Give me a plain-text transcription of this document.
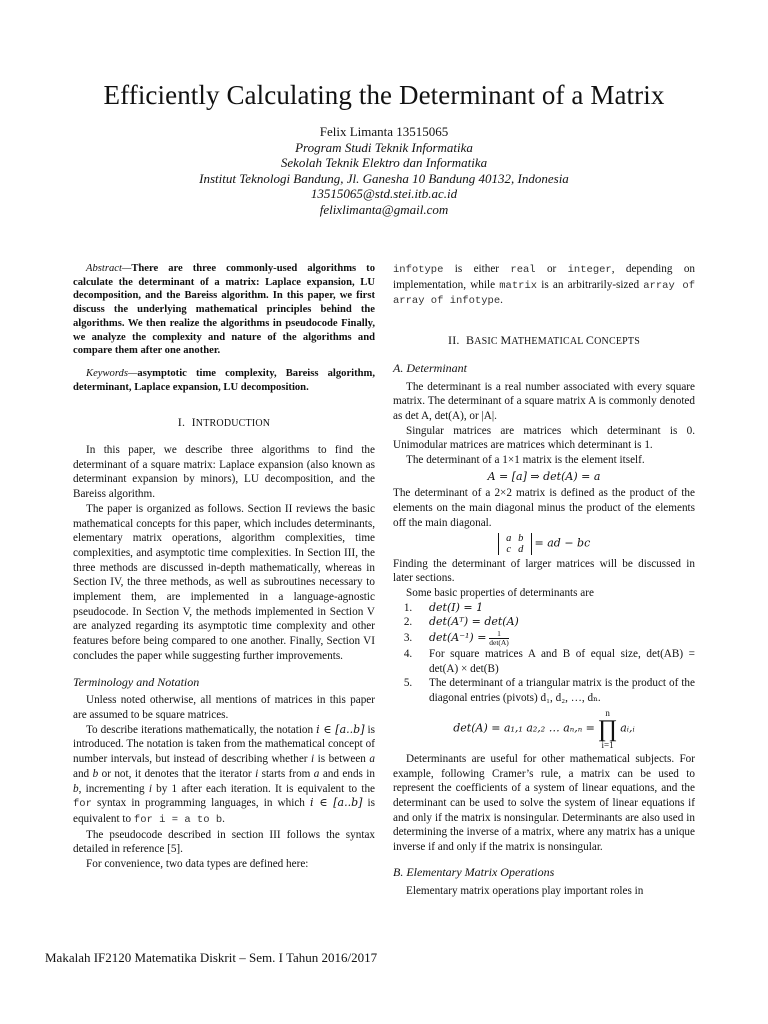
Efficiently Calculating the Determinant of a Matrix
Felix Limanta 13515065
Program Studi Teknik Informatika
Sekolah Teknik Elektro dan Informatika
Institut Teknologi Bandung, Jl. Ganesha 10 Bandung 40132, Indonesia
13515065@std.stei.itb.ac.id
felixlimanta@gmail.com

Abstract—There are three commonly-used algorithms to calculate the determinant of a matrix: Laplace expansion, LU decomposition, and the Bareiss algorithm. In this paper, we first discuss the underlying mathematical principles behind the algorithms. We then realize the algorithms in pseudocode Finally, we analyze the complexity and nature of the algorithms and compare them after one another.

Keywords—asymptotic time complexity, Bareiss algorithm, determinant, Laplace expansion, LU decomposition.

I. INTRODUCTION

In this paper, we describe three algorithms to find the determinant of a square matrix: Laplace expansion (also known as determinant expansion by minors), LU decomposition, and the Bareiss algorithm.

The paper is organized as follows. Section II reviews the basic mathematical concepts for this paper, which includes determinants, elementary matrix operations, algorithm complexities, time complexities, and asymptotic time complexities. In Section III, the three methods are discussed in-depth mathematically, whereas in Section IV, the three methods, as well as subroutines necessary to implement them, are implemented in a language-agnostic pseudocode. In Section V, the methods implemented in Section V are analyzed regarding its asymptotic time complexity and other features before being compared to one another. Finally, Section VI concludes the paper while suggesting further improvements.

Terminology and Notation

Unless noted otherwise, all mentions of matrices in this paper are assumed to be square matrices.

To describe iterations mathematically, the notation i ∈ [a..b] is introduced. The notation is taken from the mathematical concept of number intervals, but instead of describing whether i is between a and b or not, it denotes that the iterator i starts from a and ends in b, incrementing i by 1 after each iteration. It is equivalent to the for syntax in programming languages, in which i ∈ [a..b] is equivalent to for i = a to b.

The pseudocode described in section III follows the syntax detailed in reference [5].

For convenience, two data types are defined here:

infotype is either real or integer, depending on implementation, while matrix is an arbitrarily-sized array of array of infotype.

II. BASIC MATHEMATICAL CONCEPTS
A. Determinant

The determinant is a real number associated with every square matrix. The determinant of a square matrix A is commonly denoted as det A, det(A), or |A|.

Singular matrices are matrices which determinant is 0. Unimodular matrices are matrices which determinant is 1.

The determinant of a 1×1 matrix is the element itself.

A = [a] ⇒ det(A) = a

The determinant of a 2×2 matrix is defined as the product of the elements on the main diagonal minus the product of the elements off the main diagonal.

a b
c d = ad − bc

Finding the determinant of larger matrices will be discussed in later sections.

Some basic properties of determinants are

1. det(I) = 1
2. det(Aᵀ) = det(A)
3. det(A⁻¹) =	1
det(A)
4. For square matrices A and B of equal size, det(AB) = det(A) × det(B)
5. The determinant of a triangular matrix is the product of the diagonal entries (pivots) d₁, d₂, …, dₙ.

det(A) = a₁,₁ a₂,₂ … aₙ,ₙ =
n
∏
i=1
aᵢ,ᵢ

Determinants are useful for other mathematical subjects. For example, following Cramer’s rule, a matrix can be used to represent the coefficients of a system of linear equations, and the determinant can be used to solve the system of linear equations if and only if the matrix is nonsingular. Determinants are also used in determining the inverse of a matrix, where any matrix has a unique inverse if and only if the matrix is nonsingular.

B. Elementary Matrix Operations

Elementary matrix operations play important roles in

Makalah IF2120 Matematika Diskrit – Sem. I Tahun 2016/2017
